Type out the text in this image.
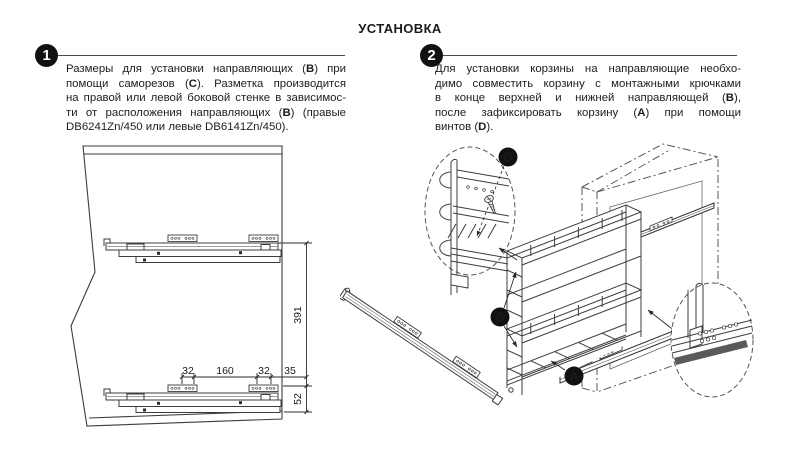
УСТАНОВКА
1
Размеры для установки направляющих (В) при
помощи саморезов (С). Разметка производится
на правой или левой боковой стенке в зависимос-
ти от расположения направляющих (В) (правые
DB6241Zn/450 или левые DB6141Zn/450).
2
Для установки корзины на направляющие необхо-
димо совместить корзину с монтажными крючками
в конце верхней и нижней направляющей (В),
после зафиксировать корзину (А) при помощи
винтов (D).
32 160 32 35
391
52
D
B
A
